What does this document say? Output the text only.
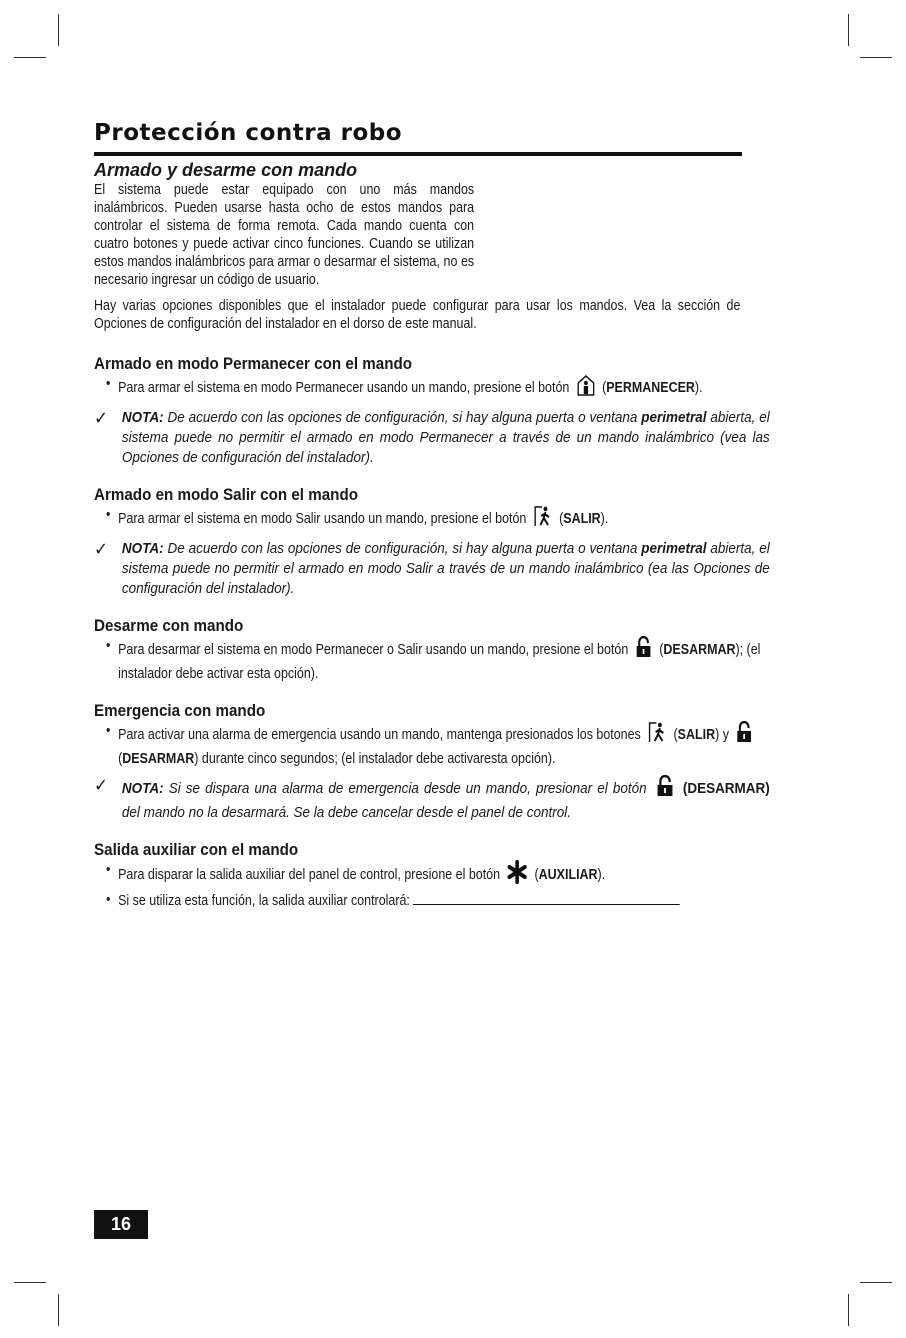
Protección contra robo
Armado y desarme con mando

El sistema puede estar equipado con uno más mandos inalámbricos. Pueden usarse hasta ocho de estos mandos para controlar el sistema de forma remota. Cada mando cuenta con cuatro botones y puede activar cinco funciones. Cuando se utilizan estos mandos inalámbricos para armar o desarmar el sistema, no es necesario ingresar un código de usuario.

Hay varias opciones disponibles que el instalador puede configurar para usar los mandos. Vea la sección de Opciones de configuración del instalador en el dorso de este manual.

Armado en modo Permanecer con el mando
• Para armar el sistema en modo Permanecer usando un mando, presione el botón (PERMANECER).
✓ NOTA: De acuerdo con las opciones de configuración, si hay alguna puerta o ventana perimetral abierta, el sistema puede no permitir el armado en modo Permanecer a través de un mando inalámbrico (vea las Opciones de configuración del instalador).
Armado en modo Salir con el mando
• Para armar el sistema en modo Salir usando un mando, presione el botón (SALIR).
✓ NOTA: De acuerdo con las opciones de configuración, si hay alguna puerta o ventana perimetral abierta, el sistema puede no permitir el armado en modo Salir a través de un mando inalámbrico (ea las Opciones de configuración del instalador).
Desarme con mando
• Para desarmar el sistema en modo Permanecer o Salir usando un mando, presione el botón (DESARMAR); (el instalador debe activar esta opción).
Emergencia con mando
• Para activar una alarma de emergencia usando un mando, mantenga presionados los botones (SALIR) y  (DESARMAR) durante cinco segundos; (el instalador debe activaresta opción).
✓ NOTA: Si se dispara una alarma de emergencia desde un mando, presionar el botón (DESARMAR) del mando no la desarmará. Se la debe cancelar desde el panel de control.
Salida auxiliar con el mando
• Para disparar la salida auxiliar del panel de control, presione el botón (AUXILIAR).
• Si se utiliza esta función, la salida auxiliar controlará:
16
